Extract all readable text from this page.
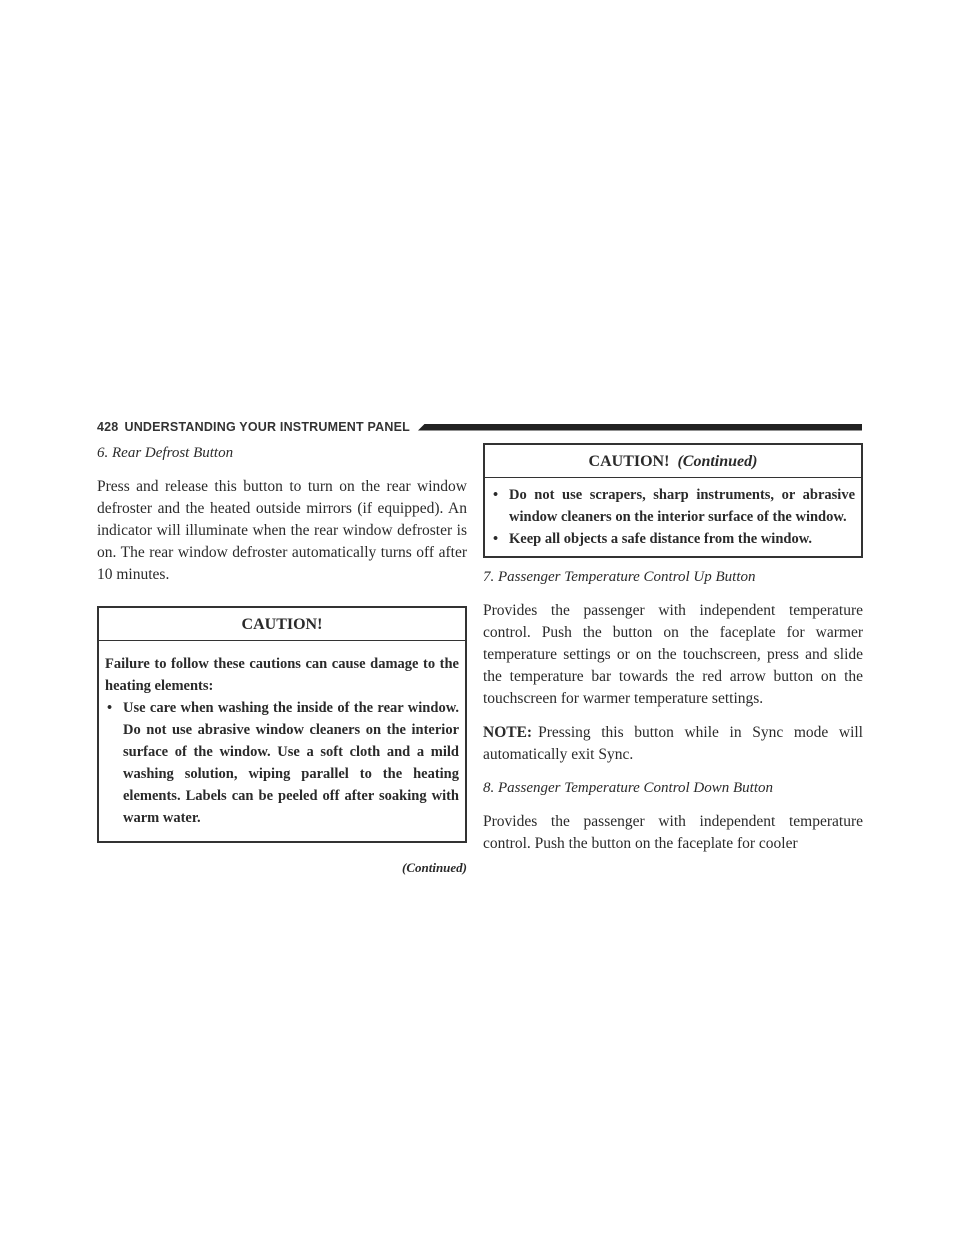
428 UNDERSTANDING YOUR INSTRUMENT PANEL
6. Rear Defrost Button

Press and release this button to turn on the rear window defroster and the heated outside mirrors (if equipped). An indicator will illuminate when the rear window defroster is on. The rear window defroster automatically turns off after 10 minutes.

CAUTION!

Failure to follow these cautions can cause damage to the heating elements:

• Use care when washing the inside of the rear window. Do not use abrasive window cleaners on the interior surface of the window. Use a soft cloth and a mild washing solution, wiping parallel to the heating elements. Labels can be peeled off after soaking with warm water.
(Continued)
CAUTION! (Continued)
• Do not use scrapers, sharp instruments, or abrasive window cleaners on the interior surface of the window.
• Keep all objects a safe distance from the window.
7. Passenger Temperature Control Up Button

Provides the passenger with independent temperature control. Push the button on the faceplate for warmer temperature settings or on the touchscreen, press and slide the temperature bar towards the red arrow button on the touchscreen for warmer temperature settings.

NOTE: Pressing this button while in Sync mode will automatically exit Sync.

8. Passenger Temperature Control Down Button

Provides the passenger with independent temperature control. Push the button on the faceplate for cooler
